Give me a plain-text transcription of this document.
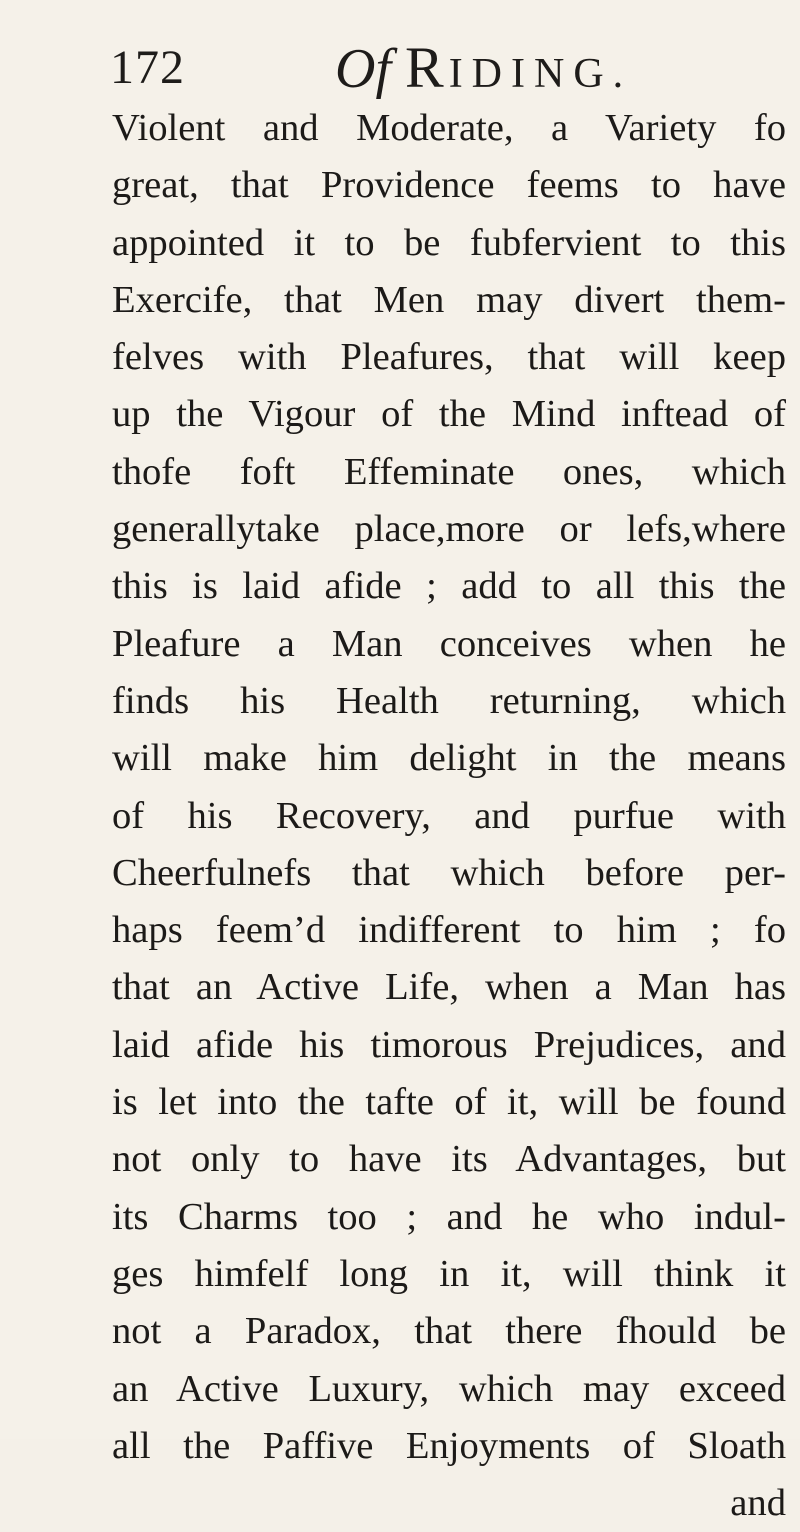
172	Of RIDING.
Violent and Moderate, a Variety fo
great, that Providence feems to have
appointed it to be fubfervient to this
Exercife, that Men may divert them-
felves with Pleafures, that will keep
up the Vigour of the Mind inftead of
thofe foft Effeminate ones, which
generallytake place,more or lefs,where
this is laid afide ; add to all this the
Pleafure a Man conceives when he
finds his Health returning, which
will make him delight in the means
of his Recovery, and purfue with
Cheerfulnefs that which before per-
haps feem’d indifferent to him ; fo
that an Active Life, when a Man has
laid afide his timorous Prejudices, and
is let into the tafte of it, will be found
not only to have its Advantages, but
its Charms too ; and he who indul-
ges himfelf long in it, will think it
not a Paradox, that there fhould be
an Active Luxury, which may exceed
all the Paffive Enjoyments of Sloath
and
